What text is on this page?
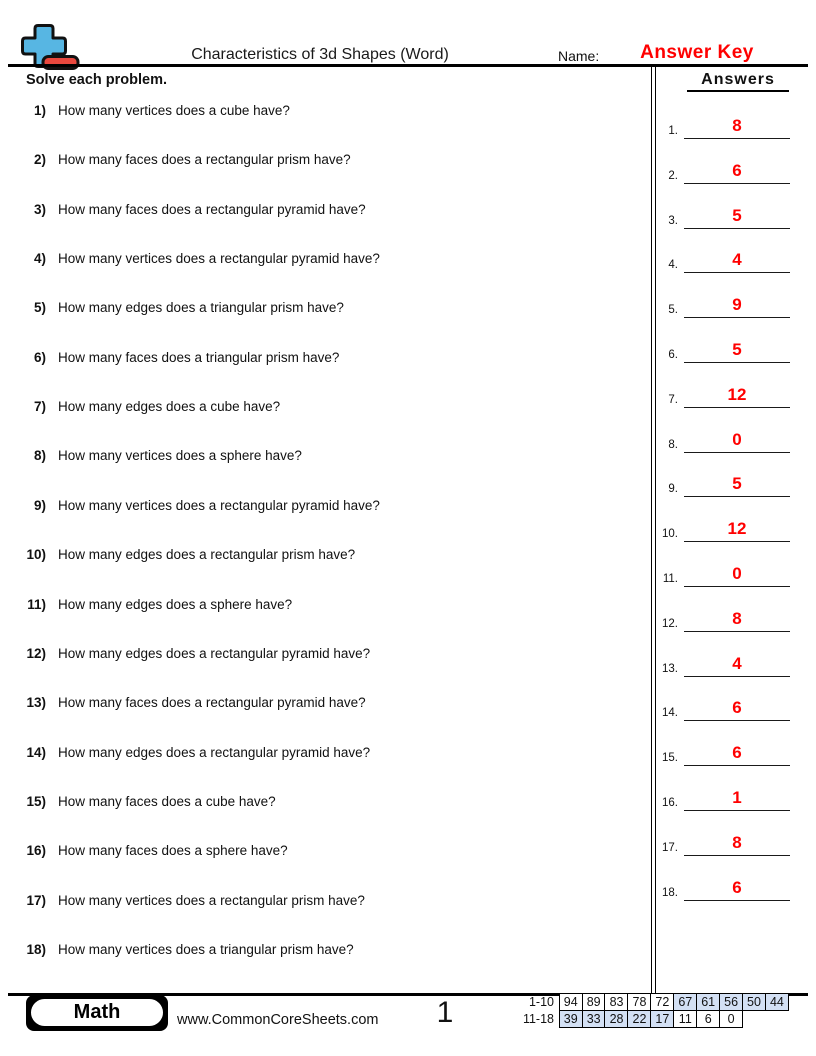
Characteristics of 3d Shapes (Word)	Name:	Answer Key
Solve each problem.
1) How many vertices does a cube have?
2) How many faces does a rectangular prism have?
3) How many faces does a rectangular pyramid have?
4) How many vertices does a rectangular pyramid have?
5) How many edges does a triangular prism have?
6) How many faces does a triangular prism have?
7) How many edges does a cube have?
8) How many vertices does a sphere have?
9) How many vertices does a rectangular pyramid have?
10) How many edges does a rectangular prism have?
11) How many edges does a sphere have?
12) How many edges does a rectangular pyramid have?
13) How many faces does a rectangular pyramid have?
14) How many edges does a rectangular pyramid have?
15) How many faces does a cube have?
16) How many faces does a sphere have?
17) How many vertices does a rectangular prism have?
18) How many vertices does a triangular prism have?
Answers
1.	8
2.	6
3.	5
4.	4
5.	9
6.	5
7.	12
8.	0
9.	5
10.	12
11.	0
12.	8
13.	4
14.	6
15.	6
16.	1
17.	8
18.	6
Math	www.CommonCoreSheets.com	1	1-10 94 89 83 78 72 67 61 56 50 44
11-18 39 33 28 22 17 11	6	0
